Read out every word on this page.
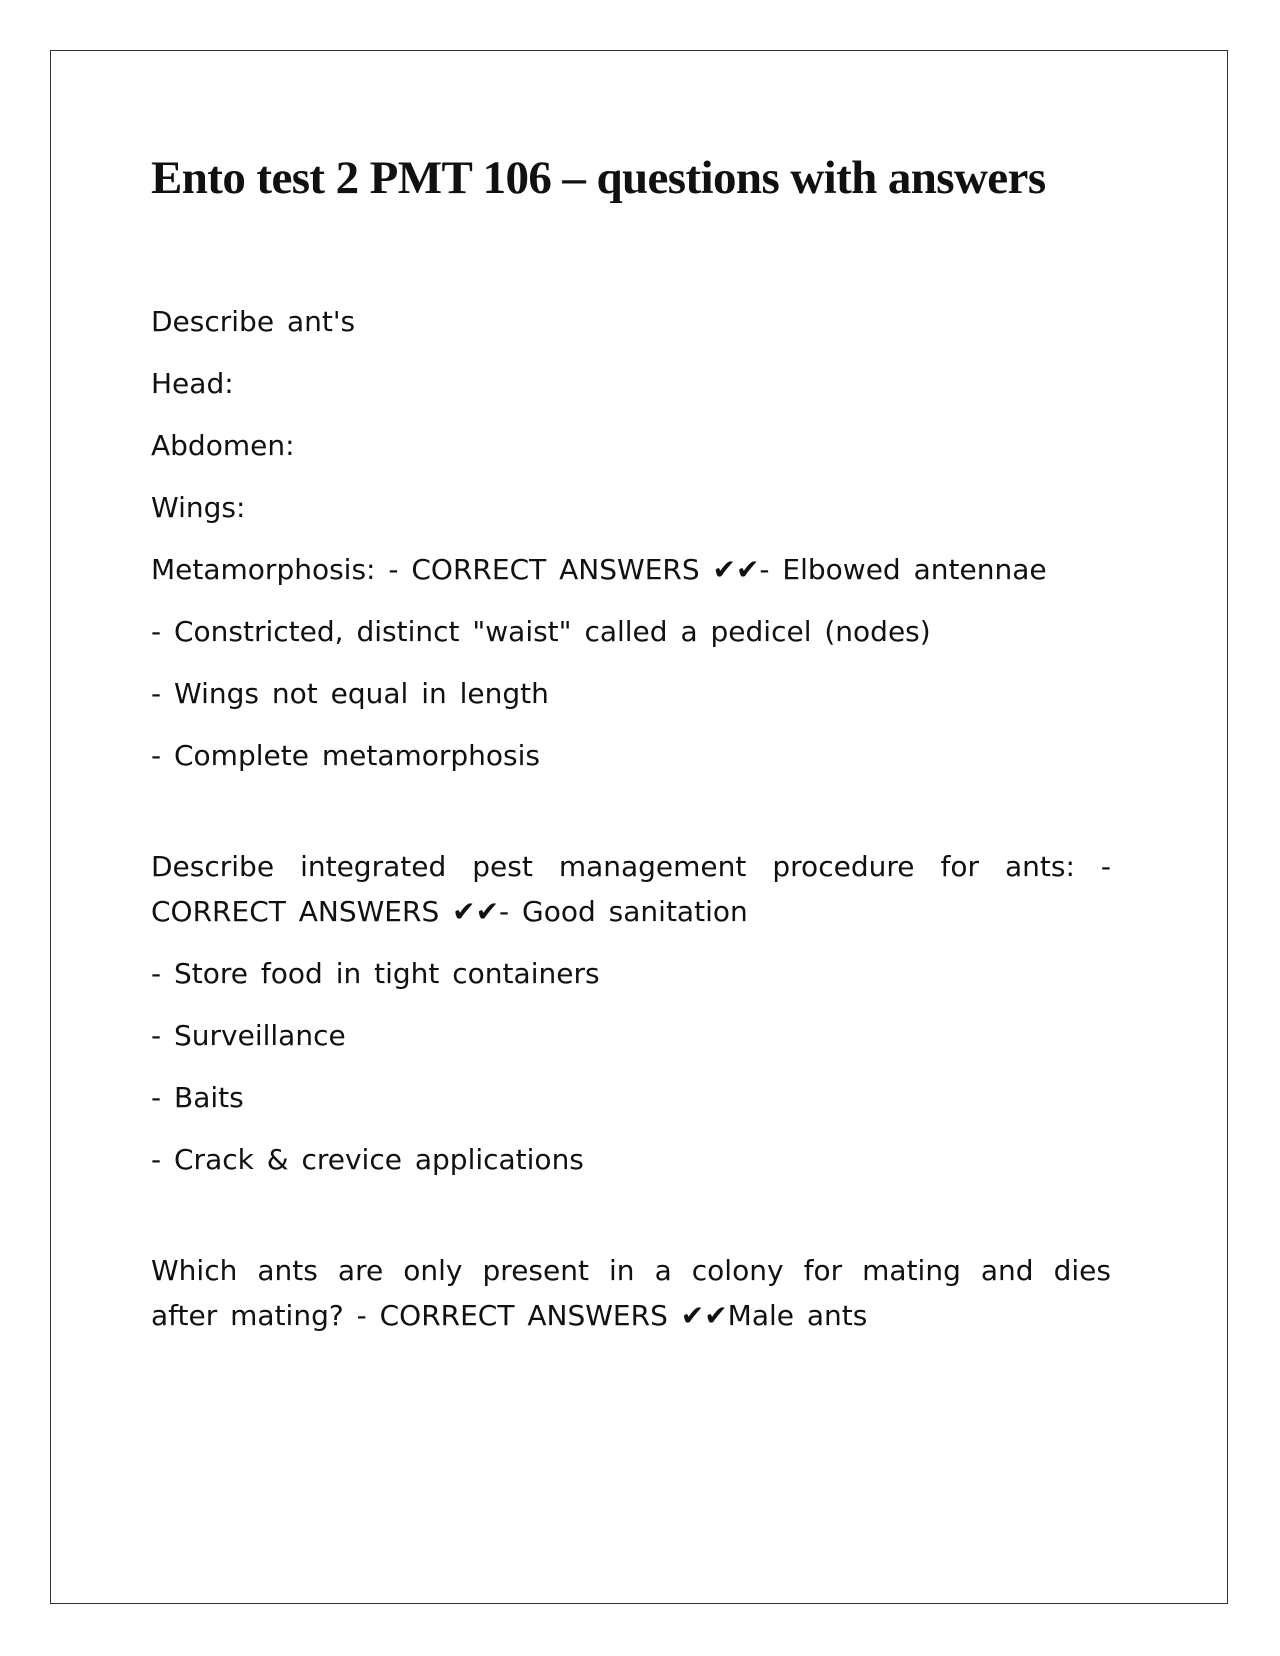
Ento test 2 PMT 106 – questions with answers

Describe ant's

Head:

Abdomen:

Wings:

Metamorphosis: - CORRECT ANSWERS ✔✔- Elbowed antennae

- Constricted, distinct "waist" called a pedicel (nodes)

- Wings not equal in length

- Complete metamorphosis

Describe integrated pest management procedure for ants: - CORRECT ANSWERS ✔✔- Good sanitation

- Store food in tight containers

- Surveillance

- Baits

- Crack & crevice applications

Which ants are only present in a colony for mating and dies after mating? - CORRECT ANSWERS ✔✔Male ants
